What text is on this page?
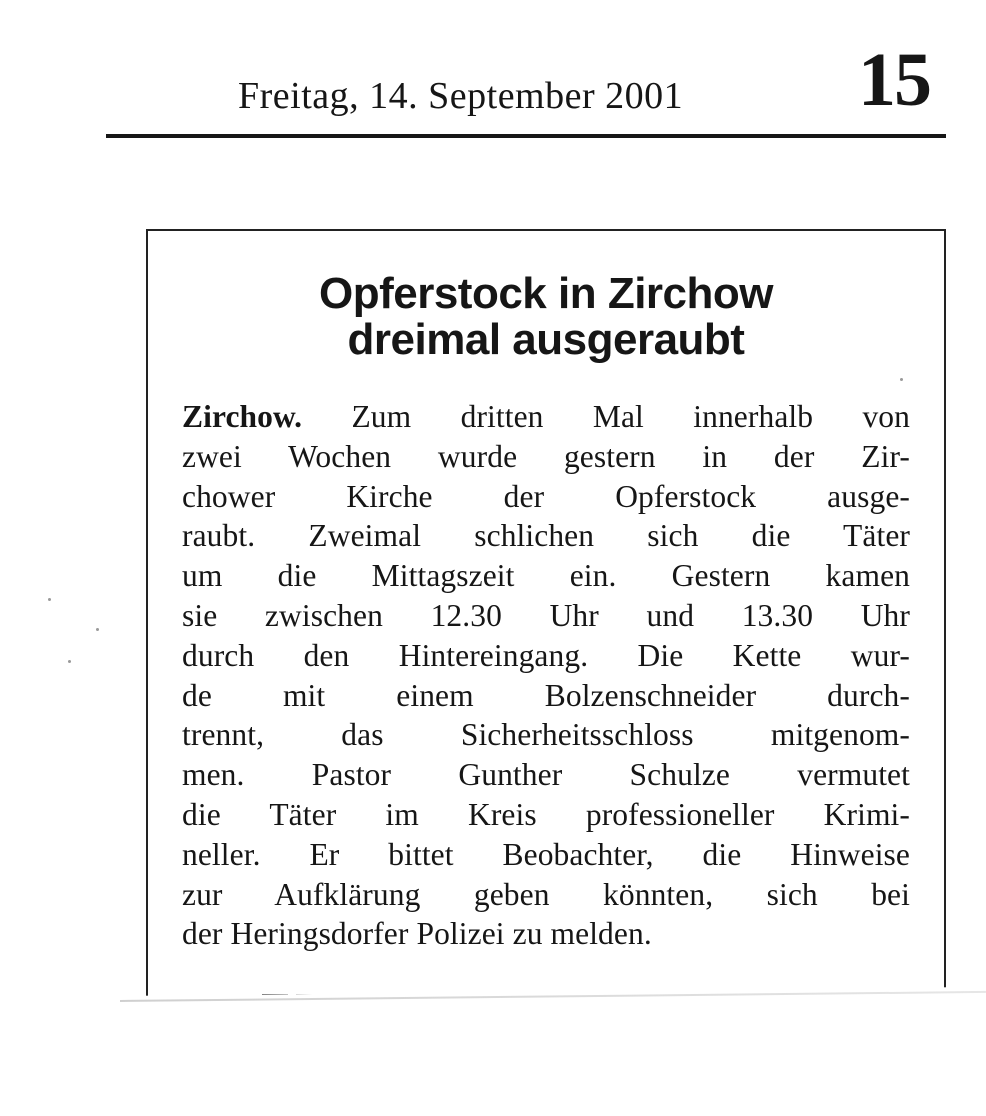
Freitag, 14. September 2001 15
Opferstock in Zirchow
dreimal ausgeraubt
Zirchow. Zum dritten Mal innerhalb von
zwei Wochen wurde gestern in der Zir-
chower Kirche der Opferstock ausge-
raubt. Zweimal schlichen sich die Täter
um die Mittagszeit ein. Gestern kamen
sie zwischen 12.30 Uhr und 13.30 Uhr
durch den Hintereingang. Die Kette wur-
de mit einem Bolzenschneider durch-
trennt, das Sicherheitsschloss mitgenom-
men. Pastor Gunther Schulze vermutet
die Täter im Kreis professioneller Krimi-
neller. Er bittet Beobachter, die Hinweise
zur Aufklärung geben könnten, sich bei
der Heringsdorfer Polizei zu melden.
